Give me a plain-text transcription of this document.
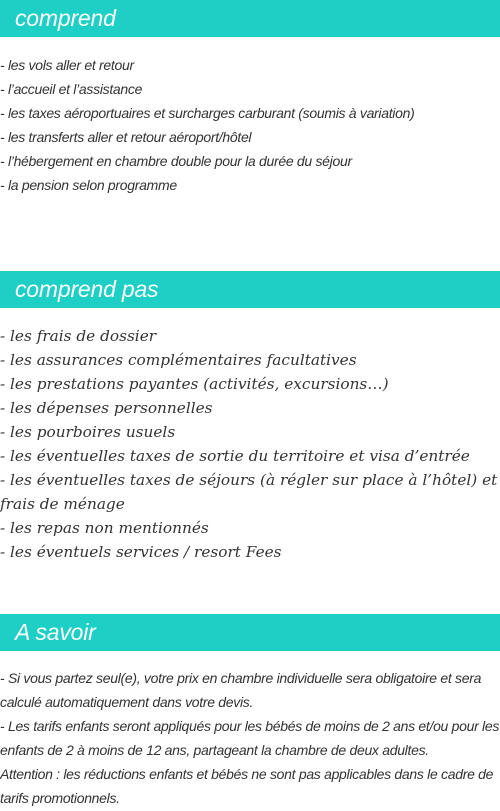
comprend
- les vols aller et retour
- l’accueil et l’assistance
- les taxes aéroportuaires et surcharges carburant (soumis à variation)
- les transferts aller et retour aéroport/hôtel
- l’hébergement en chambre double pour la durée du séjour
- la pension selon programme
comprend pas
- les frais de dossier
- les assurances complémentaires facultatives
- les prestations payantes (activités, excursions…)
- les dépenses personnelles
- les pourboires usuels
- les éventuelles taxes de sortie du territoire et visa d’entrée
- les éventuelles taxes de séjours (à régler sur place à l’hôtel) et frais de ménage
- les repas non mentionnés
- les éventuels services / resort Fees
A savoir

- Si vous partez seul(e), votre prix en chambre individuelle sera obligatoire et sera calculé automatiquement dans votre devis.

- Les tarifs enfants seront appliqués pour les bébés de moins de 2 ans et/ou pour les enfants de 2 à moins de 12 ans, partageant la chambre de deux adultes.

Attention : les réductions enfants et bébés ne sont pas applicables dans le cadre de tarifs promotionnels.
